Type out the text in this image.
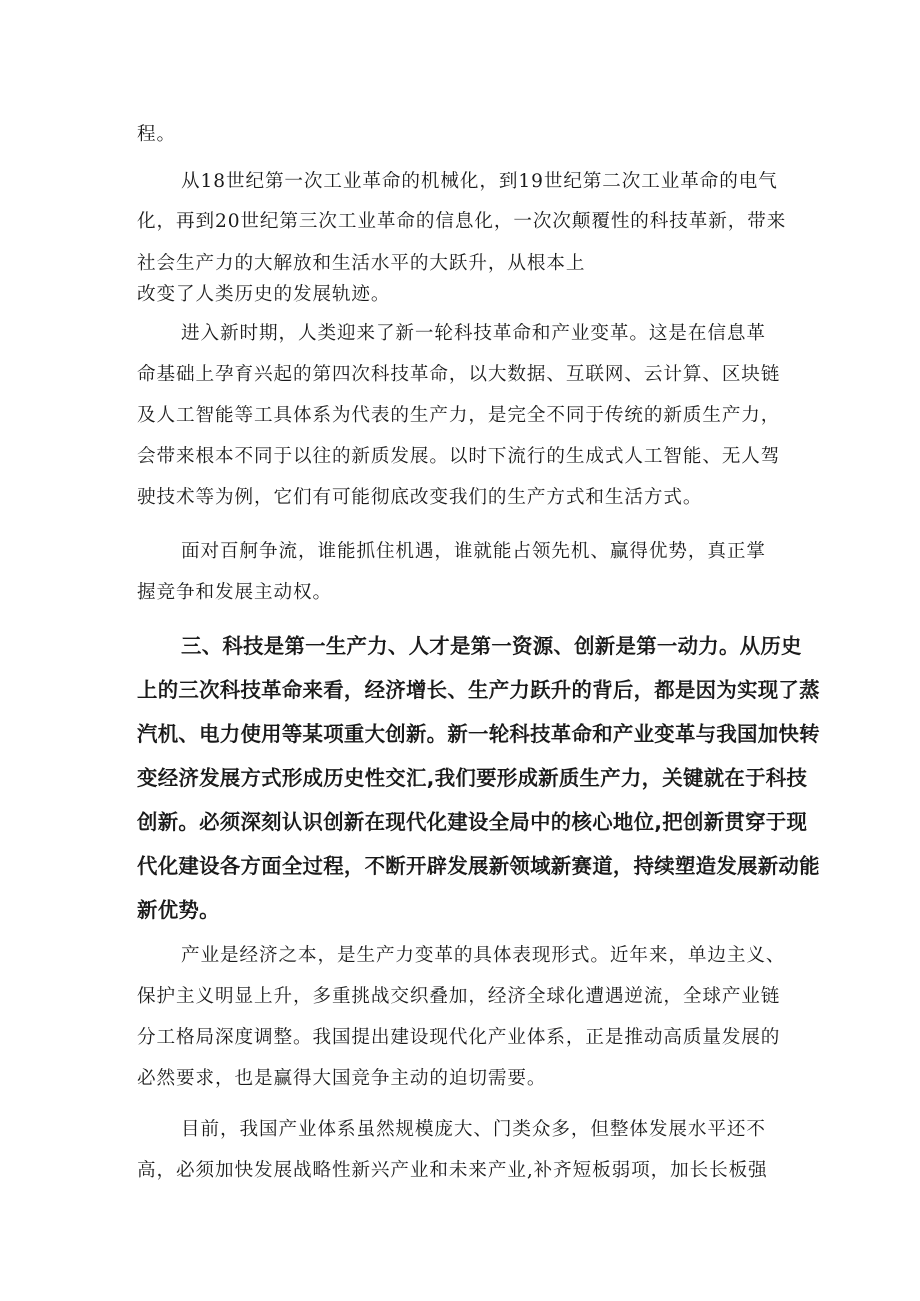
程。
从18世纪第一次工业革命的机械化，到19世纪第二次工业革命的电气
化，再到20世纪第三次工业革命的信息化，一次次颠覆性的科技革新，带来
社会生产力的大解放和生活水平的大跃升，从根本上
改变了人类历史的发展轨迹。
进入新时期，人类迎来了新一轮科技革命和产业变革。这是在信息革
命基础上孕育兴起的第四次科技革命，以大数据、互联网、云计算、区块链
及人工智能等工具体系为代表的生产力，是完全不同于传统的新质生产力，
会带来根本不同于以往的新质发展。以时下流行的生成式人工智能、无人驾
驶技术等为例，它们有可能彻底改变我们的生产方式和生活方式。
面对百舸争流，谁能抓住机遇，谁就能占领先机、赢得优势，真正掌
握竞争和发展主动权。
三、科技是第一生产力、人才是第一资源、创新是第一动力。从历史
上的三次科技革命来看，经济增长、生产力跃升的背后，都是因为实现了蒸
汽机、电力使用等某项重大创新。新一轮科技革命和产业变革与我国加快转
变经济发展方式形成历史性交汇,我们要形成新质生产力，关键就在于科技
创新。必须深刻认识创新在现代化建设全局中的核心地位,把创新贯穿于现
代化建设各方面全过程，不断开辟发展新领域新赛道，持续塑造发展新动能
新优势。
产业是经济之本，是生产力变革的具体表现形式。近年来，单边主义、
保护主义明显上升，多重挑战交织叠加，经济全球化遭遇逆流，全球产业链
分工格局深度调整。我国提出建设现代化产业体系，正是推动高质量发展的
必然要求，也是赢得大国竞争主动的迫切需要。
目前，我国产业体系虽然规模庞大、门类众多，但整体发展水平还不
高，必须加快发展战略性新兴产业和未来产业,补齐短板弱项，加长长板强
